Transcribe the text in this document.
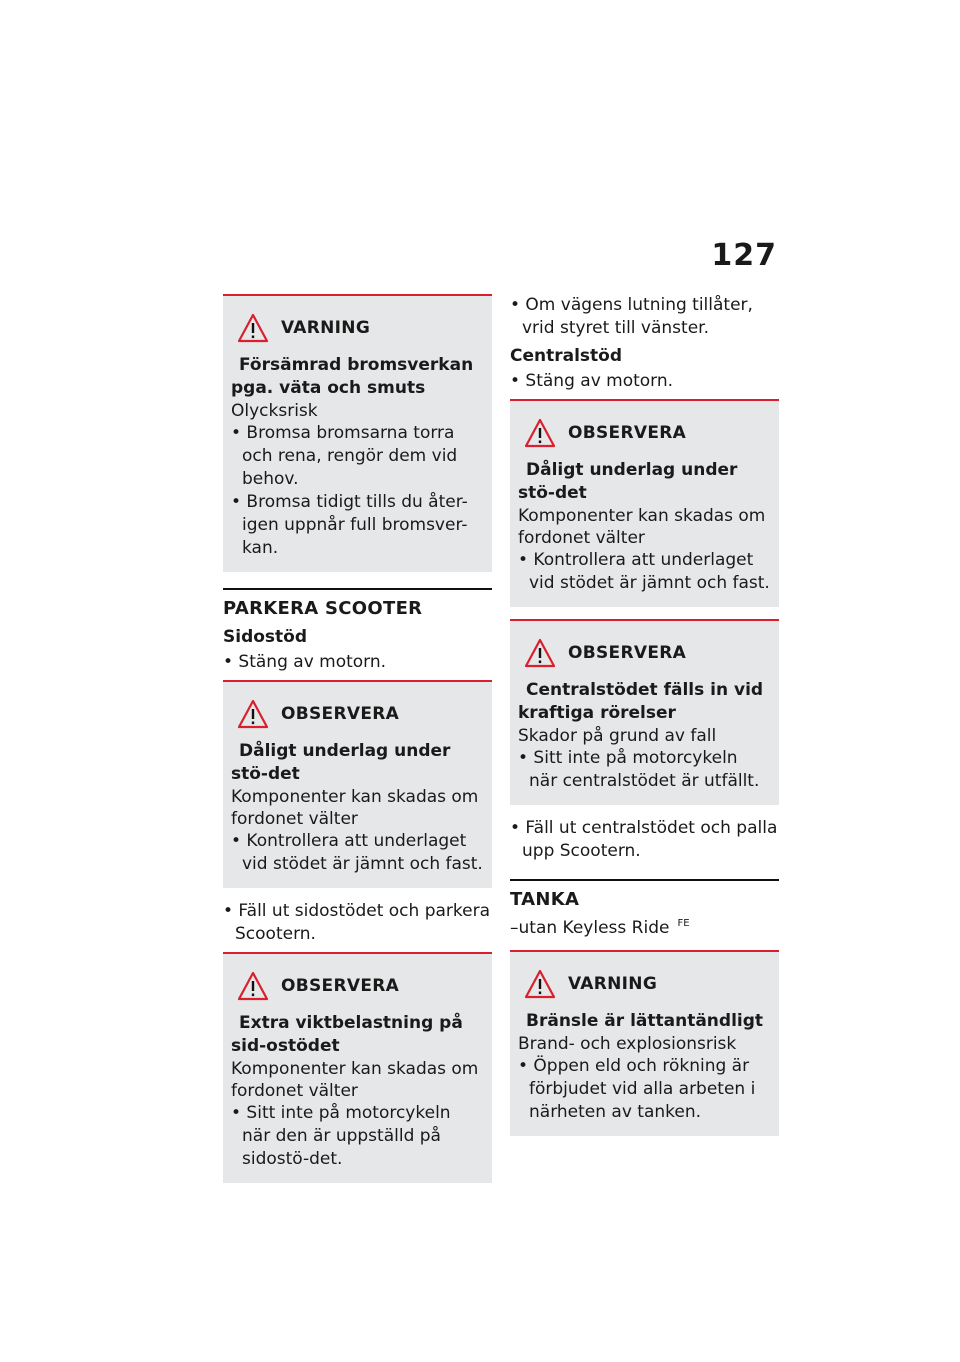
127
VARNING
Försämrad bromsverkan pga. väta och smuts
Olycksrisk
• Bromsa bromsarna torra och rena, rengör dem vid behov.
• Bromsa tidigt tills du åter-igen uppnår full bromsver-kan.
PARKERA SCOOTER
Sidostöd
• Stäng av motorn.
OBSERVERA
Dåligt underlag under stö-det
Komponenter kan skadas om fordonet välter
• Kontrollera att underlaget vid stödet är jämnt och fast.
• Fäll ut sidostödet och parkera Scootern.
OBSERVERA
Extra viktbelastning på sid-ostödet
Komponenter kan skadas om fordonet välter
• Sitt inte på motorcykeln när den är uppställd på sidostö-det.
• Om vägens lutning tillåter, vrid styret till vänster.
Centralstöd
• Stäng av motorn.
OBSERVERA
Dåligt underlag under stö-det
Komponenter kan skadas om fordonet välter
• Kontrollera att underlaget vid stödet är jämnt och fast.
OBSERVERA
Centralstödet fälls in vid kraftiga rörelser
Skador på grund av fall
• Sitt inte på motorcykeln när centralstödet är utfällt.
• Fäll ut centralstödet och palla upp Scootern.
TANKA
–utan Keyless Ride $^{FE}$
VARNING
Bränsle är lättantändligt
Brand- och explosionsrisk
• Öppen eld och rökning är förbjudet vid alla arbeten i närheten av tanken.
